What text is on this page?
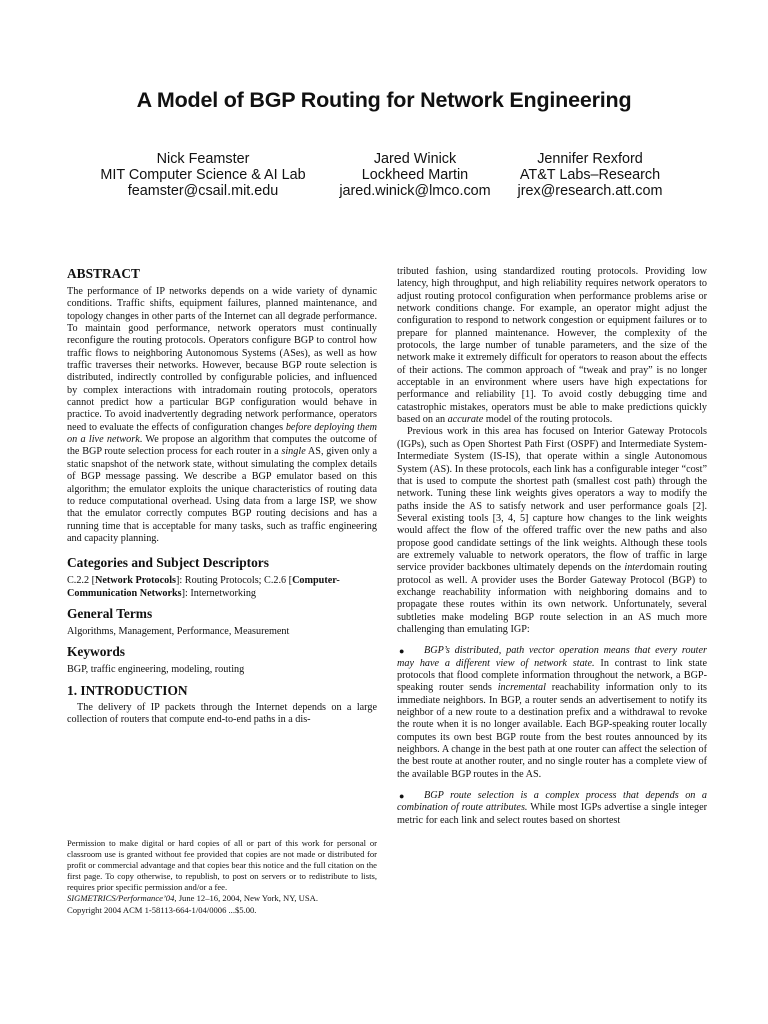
A Model of BGP Routing for Network Engineering
Nick Feamster
MIT Computer Science & AI Lab
feamster@csail.mit.edu
Jared Winick
Lockheed Martin
jared.winick@lmco.com
Jennifer Rexford
AT&T Labs–Research
jrex@research.att.com
ABSTRACT

The performance of IP networks depends on a wide variety of dynamic conditions. Traffic shifts, equipment failures, planned maintenance, and topology changes in other parts of the Internet can all degrade performance. To maintain good performance, network operators must continually reconfigure the routing protocols. Operators configure BGP to control how traffic flows to neighboring Autonomous Systems (ASes), as well as how traffic traverses their networks. However, because BGP route selection is distributed, indirectly controlled by configurable policies, and influenced by complex interactions with intradomain routing protocols, operators cannot predict how a particular BGP configuration would behave in practice. To avoid inadvertently degrading network performance, operators need to evaluate the effects of configuration changes before deploying them on a live network. We propose an algorithm that computes the outcome of the BGP route selection process for each router in a single AS, given only a static snapshot of the network state, without simulating the complex details of BGP message passing. We describe a BGP emulator based on this algorithm; the emulator exploits the unique characteristics of routing data to reduce computational overhead. Using data from a large ISP, we show that the emulator correctly computes BGP routing decisions and has a running time that is acceptable for many tasks, such as traffic engineering and capacity planning.

Categories and Subject Descriptors

C.2.2 [Network Protocols]: Routing Protocols; C.2.6 [Computer-Communication Networks]: Internetworking

General Terms

Algorithms, Management, Performance, Measurement

Keywords

BGP, traffic engineering, modeling, routing

1. INTRODUCTION

The delivery of IP packets through the Internet depends on a large collection of routers that compute end-to-end paths in a dis-

Permission to make digital or hard copies of all or part of this work for personal or classroom use is granted without fee provided that copies are not made or distributed for profit or commercial advantage and that copies bear this notice and the full citation on the first page. To copy otherwise, to republish, to post on servers or to redistribute to lists, requires prior specific permission and/or a fee.
SIGMETRICS/Performance’04, June 12–16, 2004, New York, NY, USA.
Copyright 2004 ACM 1-58113-664-1/04/0006 ...$5.00.

tributed fashion, using standardized routing protocols. Providing low latency, high throughput, and high reliability requires network operators to adjust routing protocol configuration when performance problems arise or network conditions change. For example, an operator might adjust the configuration to respond to network congestion or equipment failures or to prepare for planned maintenance. However, the complexity of the protocols, the large number of tunable parameters, and the size of the network make it extremely difficult for operators to reason about the effects of their actions. The common approach of “tweak and pray” is no longer acceptable in an environment where users have high expectations for performance and reliability [1]. To avoid costly debugging time and catastrophic mistakes, operators must be able to make predictions quickly based on an accurate model of the routing protocols.

Previous work in this area has focused on Interior Gateway Protocols (IGPs), such as Open Shortest Path First (OSPF) and Intermediate System-Intermediate System (IS-IS), that operate within a single Autonomous System (AS). In these protocols, each link has a configurable integer “cost” that is used to compute the shortest path (smallest cost path) through the network. Tuning these link weights gives operators a way to modify the paths inside the AS to satisfy network and user performance goals [2]. Several existing tools [3, 4, 5] capture how changes to the link weights would affect the flow of the offered traffic over the new paths and also propose good candidate settings of the link weights. Although these tools are extremely valuable to network operators, the flow of traffic in large service provider backbones ultimately depends on the interdomain routing protocol as well. A provider uses the Border Gateway Protocol (BGP) to exchange reachability information with neighboring domains and to propagate these routes within its own network. Unfortunately, several subtleties make modeling BGP route selection in an AS much more challenging than emulating IGP:

●	BGP’s distributed, path vector operation means that every router may have a different view of network state. In contrast to link state protocols that flood complete information throughout the network, a BGP-speaking router sends incremental reachability information only to its immediate neighbors. In BGP, a router sends an advertisement to notify its neighbor of a new route to a destination prefix and a withdrawal to revoke the route when it is no longer available. Each BGP-speaking router locally computes its own best BGP route from the best routes announced by its neighbors. A change in the best path at one router can affect the selection of the best route at another router, and no single router has a complete view of the available BGP routes in the AS.
●	BGP route selection is a complex process that depends on a combination of route attributes. While most IGPs advertise a single integer metric for each link and select routes based on shortest
